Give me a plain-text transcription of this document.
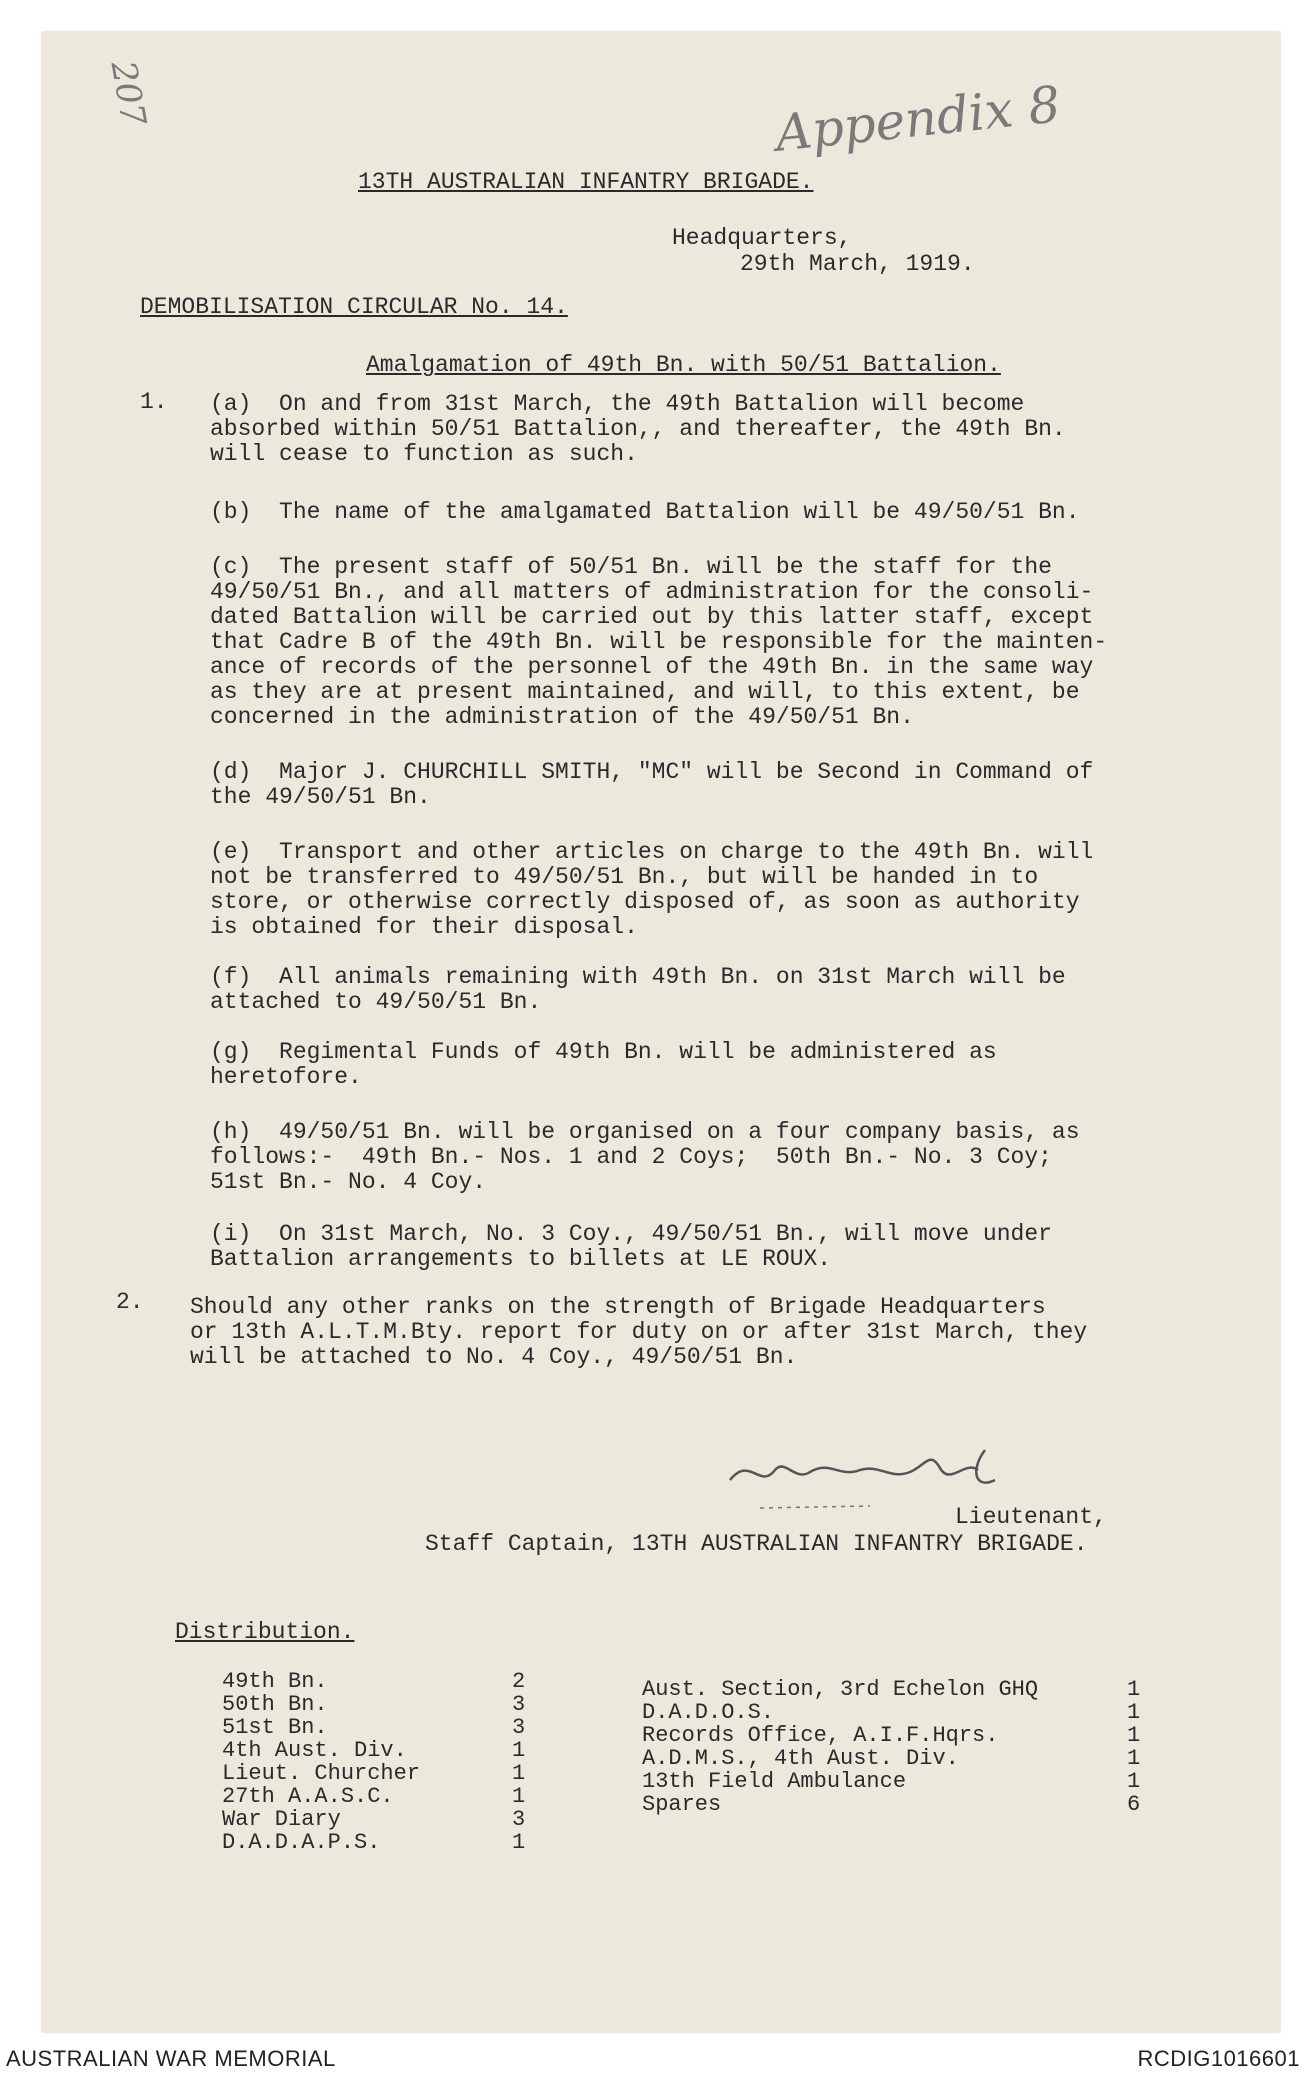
207	Appendix 8
13TH AUSTRALIAN INFANTRY BRIGADE.
Headquarters,
29th March, 1919.
DEMOBILISATION CIRCULAR No. 14.
Amalgamation of 49th Bn. with 50/51 Battalion.
1. (a)  On and from 31st March, the 49th Battalion will become
absorbed within 50/51 Battalion,, and thereafter, the 49th Bn.
will cease to function as such.
(b)  The name of the amalgamated Battalion will be 49/50/51 Bn.
(c)  The present staff of 50/51 Bn. will be the staff for the
49/50/51 Bn., and all matters of administration for the consoli-
dated Battalion will be carried out by this latter staff, except
that Cadre B of the 49th Bn. will be responsible for the mainten-
ance of records of the personnel of the 49th Bn. in the same way
as they are at present maintained, and will, to this extent, be
concerned in the administration of the 49/50/51 Bn.
(d)  Major J. CHURCHILL SMITH, "MC" will be Second in Command of
the 49/50/51 Bn.
(e)  Transport and other articles on charge to the 49th Bn. will
not be transferred to 49/50/51 Bn., but will be handed in to
store, or otherwise correctly disposed of, as soon as authority
is obtained for their disposal.
(f)  All animals remaining with 49th Bn. on 31st March will be
attached to 49/50/51 Bn.
(g)  Regimental Funds of 49th Bn. will be administered as
heretofore.
(h)  49/50/51 Bn. will be organised on a four company basis, as
follows:-  49th Bn.- Nos. 1 and 2 Coys;  50th Bn.- No. 3 Coy;
51st Bn.- No. 4 Coy.
(i)  On 31st March, No. 3 Coy., 49/50/51 Bn., will move under
Battalion arrangements to billets at LE ROUX.
2. Should any other ranks on the strength of Brigade Headquarters
or 13th A.L.T.M.Bty. report for duty on or after 31st March, they
will be attached to No. 4 Coy., 49/50/51 Bn.
Lieutenant,
Staff Captain, 13TH AUSTRALIAN INFANTRY BRIGADE.
Distribution.
49th Bn.	2
50th Bn.	3
51st Bn.	3
4th Aust. Div.	1
Lieut. Churcher	1
27th A.A.S.C.	1
War Diary	3
D.A.D.A.P.S.	1
Aust. Section, 3rd Echelon GHQ	1
D.A.D.O.S.	1
Records Office, A.I.F.Hqrs.	1
A.D.M.S., 4th Aust. Div.	1
13th Field Ambulance	1
Spares	6
AUSTRALIAN WAR MEMORIAL	RCDIG1016601
